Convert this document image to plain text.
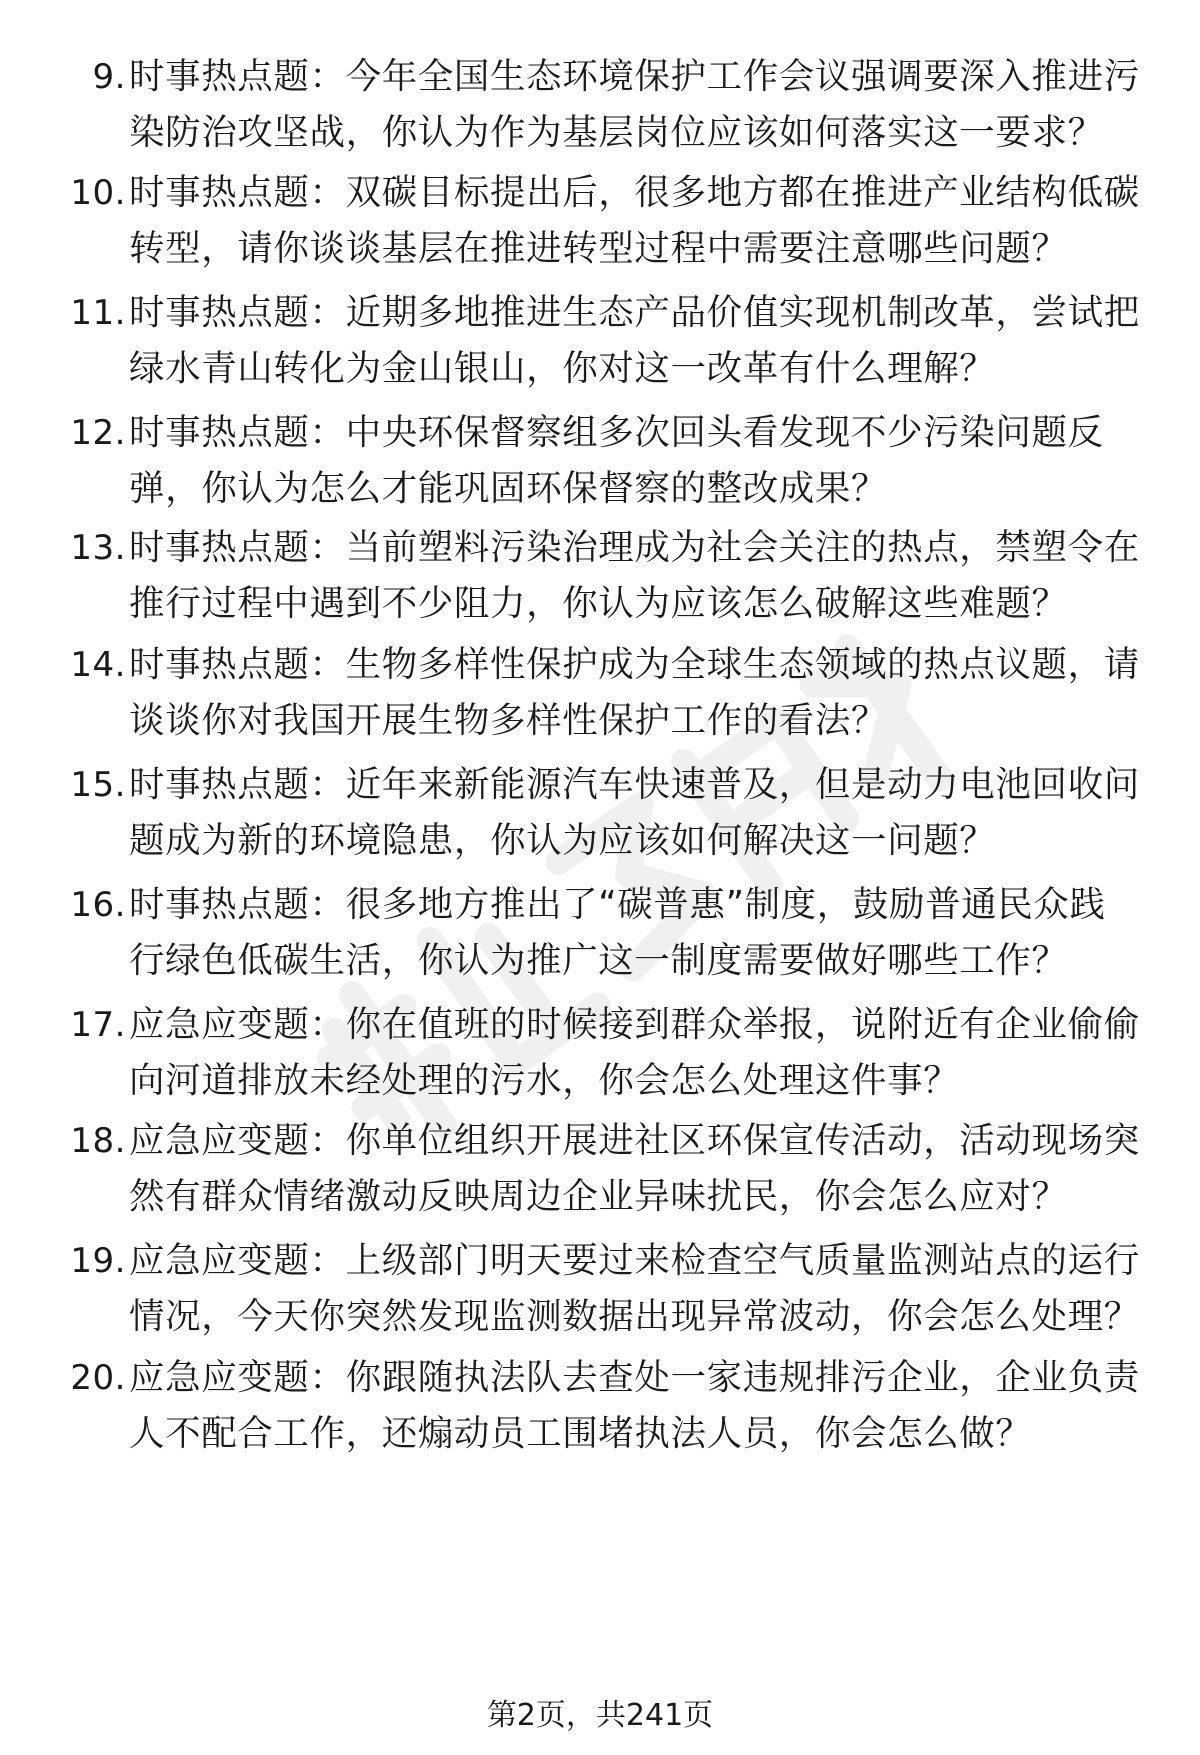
9. 时事热点题：今年全国生态环境保护工作会议强调要深入推进污
染防治攻坚战，你认为作为基层岗位应该如何落实这一要求？
10. 时事热点题：双碳目标提出后，很多地方都在推进产业结构低碳
转型，请你谈谈基层在推进转型过程中需要注意哪些问题？
11. 时事热点题：近期多地推进生态产品价值实现机制改革，尝试把
绿水青山转化为金山银山，你对这一改革有什么理解？
12. 时事热点题：中央环保督察组多次回头看发现不少污染问题反
弹，你认为怎么才能巩固环保督察的整改成果？
13. 时事热点题：当前塑料污染治理成为社会关注的热点，禁塑令在
推行过程中遇到不少阻力，你认为应该怎么破解这些难题？
14. 时事热点题：生物多样性保护成为全球生态领域的热点议题，请
谈谈你对我国开展生物多样性保护工作的看法？
15. 时事热点题：近年来新能源汽车快速普及，但是动力电池回收问
题成为新的环境隐患，你认为应该如何解决这一问题？
16. 时事热点题：很多地方推出了“碳普惠”制度，鼓励普通民众践
行绿色低碳生活，你认为推广这一制度需要做好哪些工作？
17. 应急应变题：你在值班的时候接到群众举报，说附近有企业偷偷
向河道排放未经处理的污水，你会怎么处理这件事？
18. 应急应变题：你单位组织开展进社区环保宣传活动，活动现场突
然有群众情绪激动反映周边企业异味扰民，你会怎么应对？
19. 应急应变题：上级部门明天要过来检查空气质量监测站点的运行
情况，今天你突然发现监测数据出现异常波动，你会怎么处理？
20. 应急应变题：你跟随执法队去查处一家违规排污企业，企业负责
人不配合工作，还煽动员工围堵执法人员，你会怎么做？
第2页，共241页
